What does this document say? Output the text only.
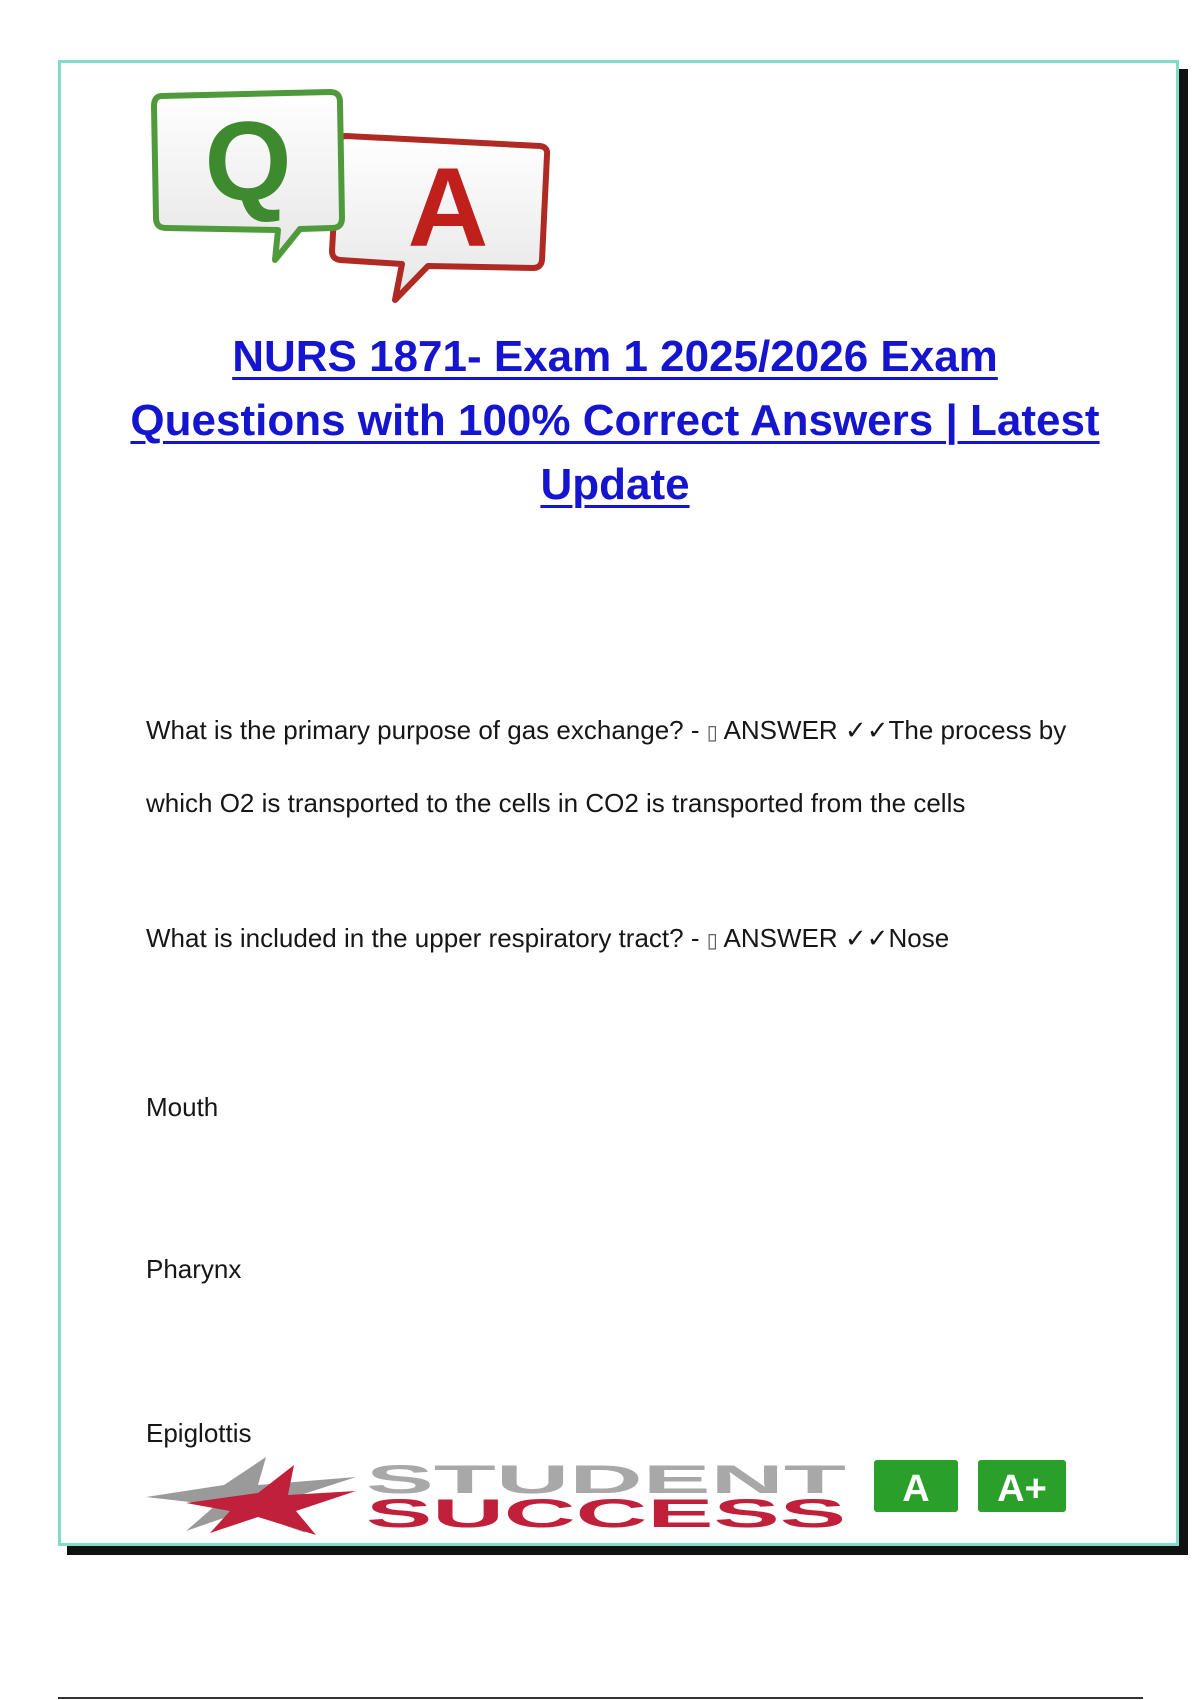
A
Q
NURS 1871- Exam 1 2025/2026 Exam Questions with 100% Correct Answers | Latest Update
What is the primary purpose of gas exchange? - ▯ ANSWER ✓✓The process by which O2 is transported to the cells in CO2 is transported from the cells
What is included in the upper respiratory tract? - ▯ ANSWER ✓✓Nose
Mouth
Pharynx
Epiglottis
STUDENT
SUCCESS
A A+
